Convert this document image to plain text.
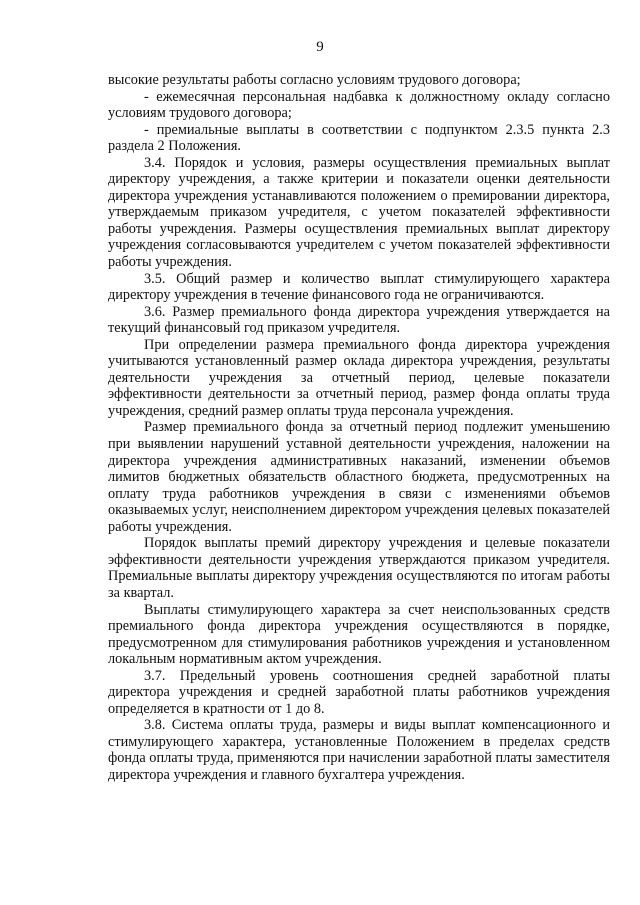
9

высокие результаты работы согласно условиям трудового договора;

- ежемесячная персональная надбавка к должностному окладу согласно условиям трудового договора;

- премиальные выплаты в соответствии с подпунктом 2.3.5 пункта 2.3 раздела 2 Положения.

3.4. Порядок и условия, размеры осуществления премиальных выплат директору учреждения, а также критерии и показатели оценки деятельности директора учреждения устанавливаются положением о премировании директора, утверждаемым приказом учредителя, с учетом показателей эффективности работы учреждения. Размеры осуществления премиальных выплат директору учреждения согласовываются учредителем с учетом показателей эффективности работы учреждения.

3.5. Общий размер и количество выплат стимулирующего характера директору учреждения в течение финансового года не ограничиваются.

3.6. Размер премиального фонда директора учреждения утверждается на текущий финансовый год приказом учредителя.

При определении размера премиального фонда директора учреждения учитываются установленный размер оклада директора учреждения, результаты деятельности учреждения за отчетный период, целевые показатели эффективности деятельности за отчетный период, размер фонда оплаты труда учреждения, средний размер оплаты труда персонала учреждения.

Размер премиального фонда за отчетный период подлежит уменьшению при выявлении нарушений уставной деятельности учреждения, наложении на директора учреждения административных наказаний, изменении объемов лимитов бюджетных обязательств областного бюджета, предусмотренных на оплату труда работников учреждения в связи с изменениями объемов оказываемых услуг, неисполнением директором учреждения целевых показателей работы учреждения.

Порядок выплаты премий директору учреждения и целевые показатели эффективности деятельности учреждения утверждаются приказом учредителя. Премиальные выплаты директору учреждения осуществляются по итогам работы за квартал.

Выплаты стимулирующего характера за счет неиспользованных средств премиального фонда директора учреждения осуществляются в порядке, предусмотренном для стимулирования работников учреждения и установленном локальным нормативным актом учреждения.

3.7. Предельный уровень соотношения средней заработной платы директора учреждения и средней заработной платы работников учреждения определяется в кратности от 1 до 8.

3.8. Система оплаты труда, размеры и виды выплат компенсационного и стимулирующего характера, установленные Положением в пределах средств фонда оплаты труда, применяются при начислении заработной платы заместителя директора учреждения и главного бухгалтера учреждения.
